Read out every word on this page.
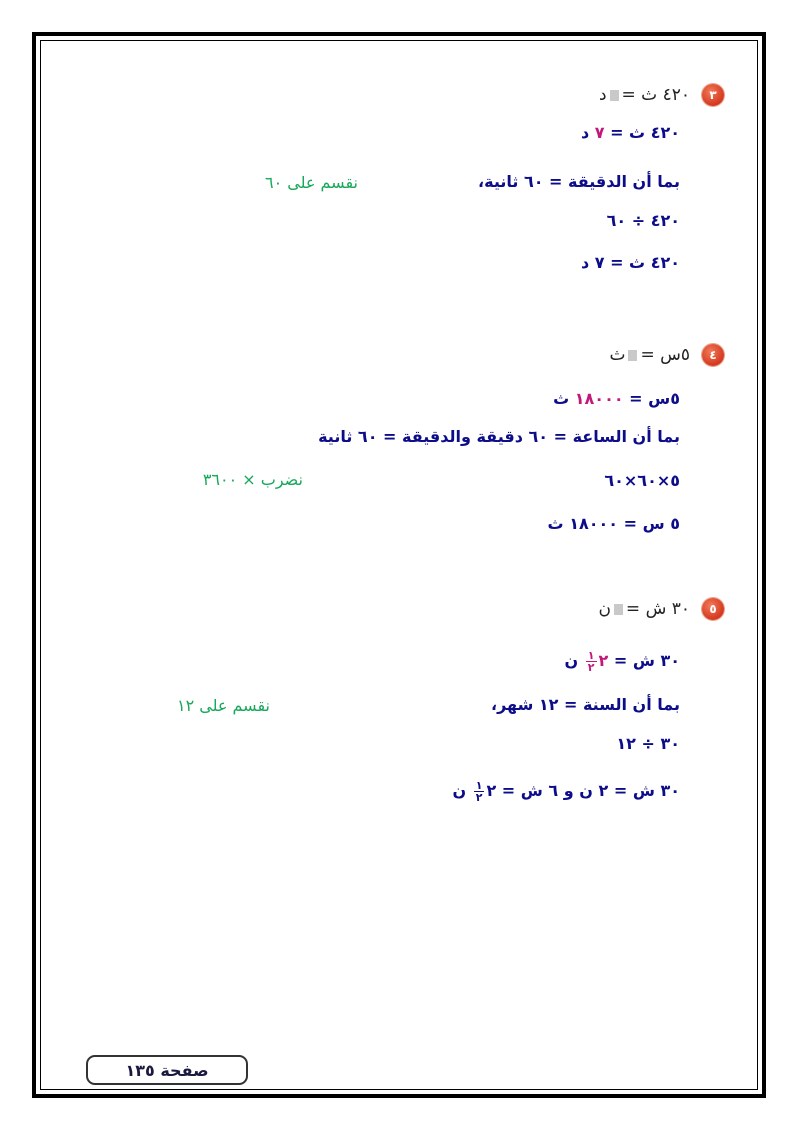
٣
٤٢٠ ث =
د
٤٢٠ ث = ٧ د
بما أن الدقيقة = ٦٠ ثانية،
نقسم على ٦٠
٤٢٠ ÷ ٦٠
٤٢٠ ث = ٧ د
٤
٥س =
ث
٥س = ١٨٠٠٠ ث
بما أن الساعة = ٦٠ دقيقة والدقيقة = ٦٠ ثانية
نضرب × ٣٦٠٠	٥×٦٠×٦٠
٥ س = ١٨٠٠٠ ث
٥
٣٠ ش =
ن
٣٠ ش = ٢
$\frac{١}{٢}$
ن
بما أن السنة = ١٢ شهر،
نقسم على ١٢
٣٠ ÷ ١٢
٣٠ ش = ٢ ن و ٦ ش = ٢
$\frac{١}{٢}$
ن
صفحة ١٣٥
